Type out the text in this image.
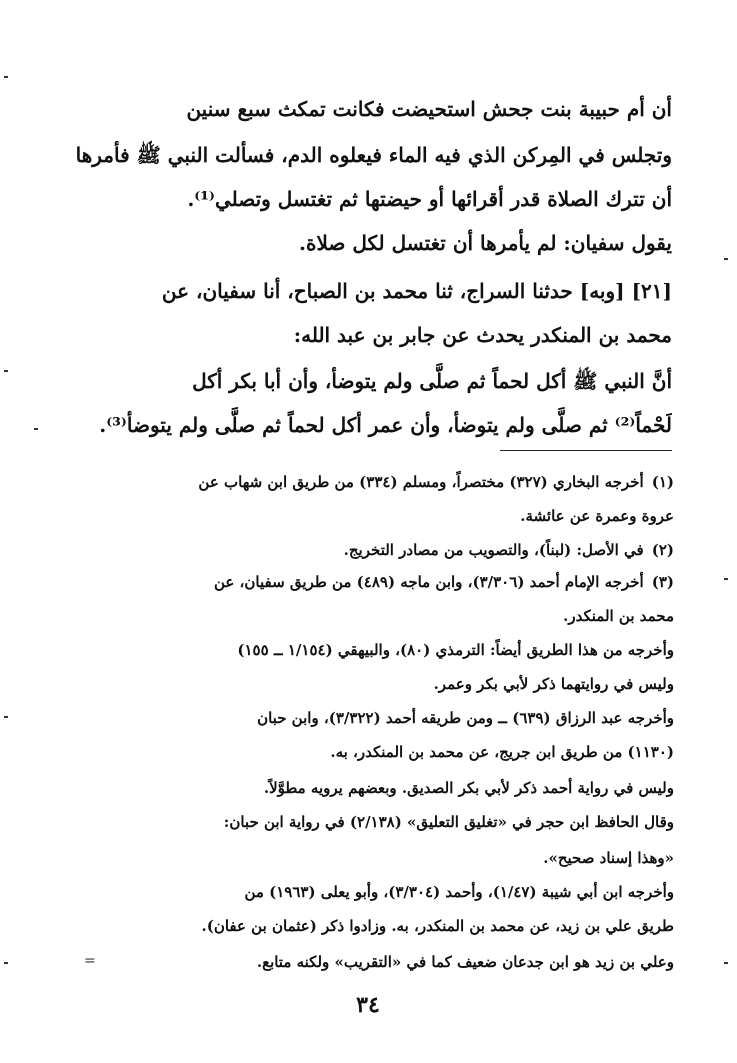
أن أم حبيبة بنت جحش استحيضت فكانت تمكث سبع سنين
وتجلس في المِركن الذي فيه الماء فيعلوه الدم، فسألت النبي ﷺ فأمرها
أن تترك الصلاة قدر أقرائها أو حيضتها ثم تغتسل وتصلي⁽¹⁾.
يقول سفيان: لم يأمرها أن تغتسل لكل صلاة.
[٢١] [وبه] حدثنا السراج، ثنا محمد بن الصباح، أنا سفيان، عن
محمد بن المنكدر يحدث عن جابر بن عبد الله:
أنَّ النبي ﷺ أكل لحماً ثم صلَّى ولم يتوضأ، وأن أبا بكر أكل
لَحْماً⁽²⁾ ثم صلَّى ولم يتوضأ، وأن عمر أكل لحماً ثم صلَّى ولم يتوضأ⁽³⁾.
(١)أخرجه البخاري (٣٢٧) مختصراً، ومسلم (٣٣٤) من طريق ابن شهاب عن
عروة وعمرة عن عائشة.
(٢)في الأصل: (لبناً)، والتصويب من مصادر التخريج.
(٣)أخرجه الإمام أحمد (٣/٣٠٦)، وابن ماجه (٤٨٩) من طريق سفيان، عن
محمد بن المنكدر.
وأخرجه من هذا الطريق أيضاً: الترمذي (٨٠)، والبيهقي (١/١٥٤ ــ ١٥٥)
وليس في روايتهما ذكر لأبي بكر وعمر.
وأخرجه عبد الرزاق (٦٣٩) ــ ومن طريقه أحمد (٣/٣٢٢)، وابن حبان
(١١٣٠) من طريق ابن جريج، عن محمد بن المنكدر، به.
وليس في رواية أحمد ذكر لأبي بكر الصديق. وبعضهم يرويه مطوَّلاً.
وقال الحافظ ابن حجر في «تغليق التعليق» (٢/١٣٨) في رواية ابن حبان:
«وهذا إسناد صحيح».
وأخرجه ابن أبي شيبة (١/٤٧)، وأحمد (٣/٣٠٤)، وأبو يعلى (١٩٦٣) من
طريق علي بن زيد، عن محمد بن المنكدر، به. وزادوا ذكر (عثمان بن عفان).
وعلي بن زيد هو ابن جدعان ضعيف كما في «التقريب» ولكنه متابع.
=
٣٤
